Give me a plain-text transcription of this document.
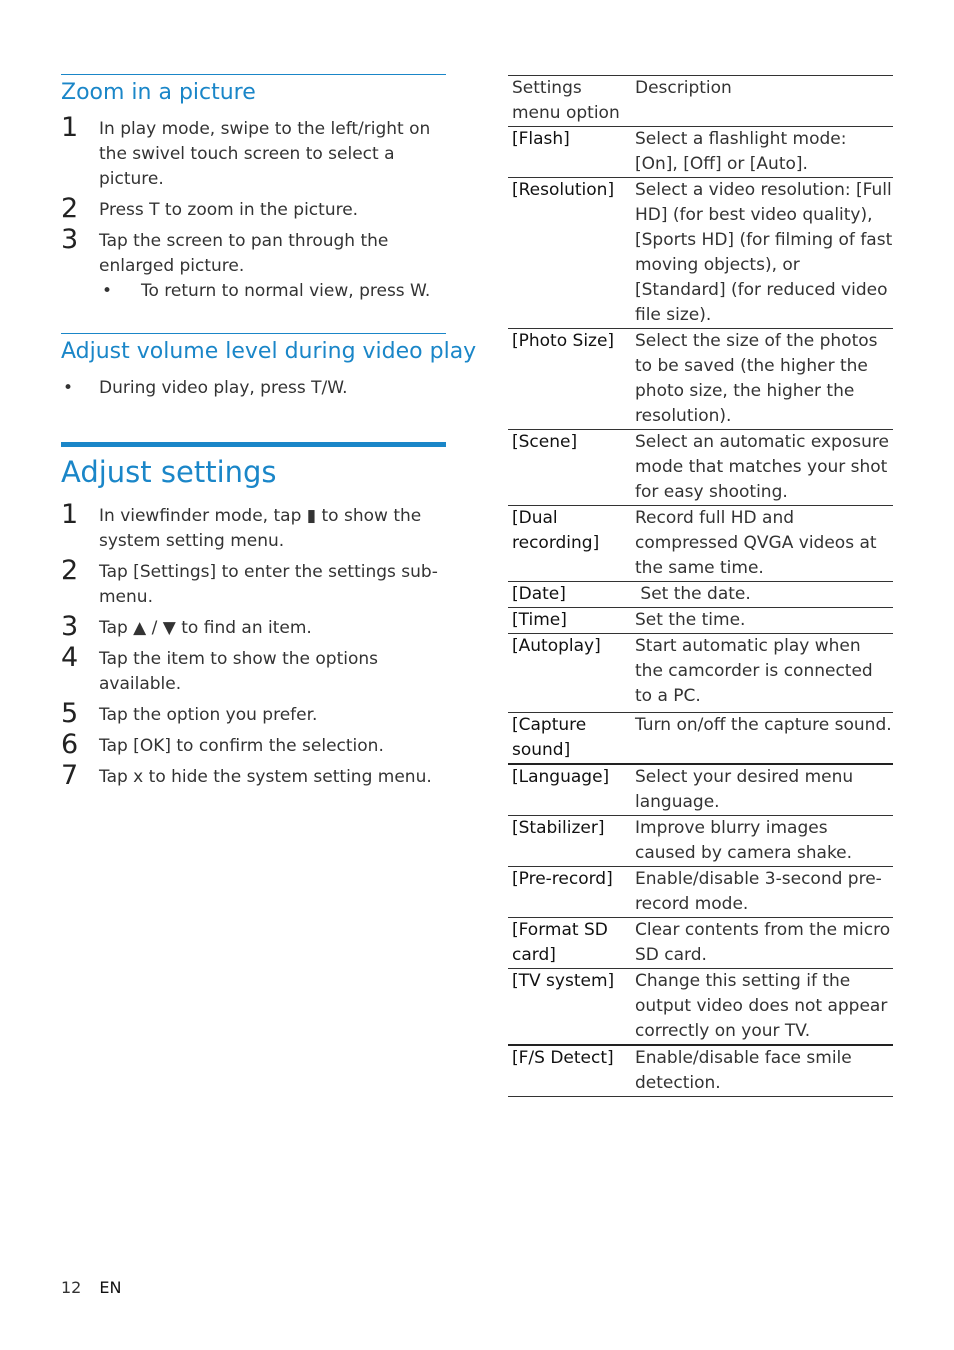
Zoom in a picture
1 In play mode, swipe to the left/right on the swivel touch screen to select a picture.
2 Press T to zoom in the picture.
3 Tap the screen to pan through the enlarged picture.
• To return to normal view, press W.
Adjust volume level during video play
• During video play, press T/W.
Adjust settings
1 In viewfinder mode, tap ▮ to show the system setting menu.
2 Tap [Settings] to enter the settings sub-menu.
3 Tap ▲ / ▼ to find an item.
4 Tap the item to show the options available.
5 Tap the option you prefer.
6 Tap [OK] to confirm the selection.
7 Tap x to hide the system setting menu.
Settings menu option	Description
[Flash]	Select a flashlight mode: [On], [Off] or [Auto].
[Resolution]	Select a video resolution: [Full HD] (for best video quality), [Sports HD] (for filming of fast moving objects), or [Standard] (for reduced video file size).
[Photo Size]	Select the size of the photos to be saved (the higher the photo size, the higher the resolution).
[Scene]	Select an automatic exposure mode that matches your shot for easy shooting.
[Dual recording]	Record full HD and compressed QVGA videos at the same time.
[Date]	Set the date.
[Time]	Set the time.
[Autoplay]	Start automatic play when the camcorder is connected to a PC.
[Capture sound]	Turn on/off the capture sound.
[Language]	Select your desired menu language.
[Stabilizer]	Improve blurry images caused by camera shake.
[Pre-record]	Enable/disable 3-second pre-record mode.
[Format SD card]	Clear contents from the micro SD card.
[TV system]	Change this setting if the output video does not appear correctly on your TV.
[F/S Detect]	Enable/disable face smile detection.
12 EN
